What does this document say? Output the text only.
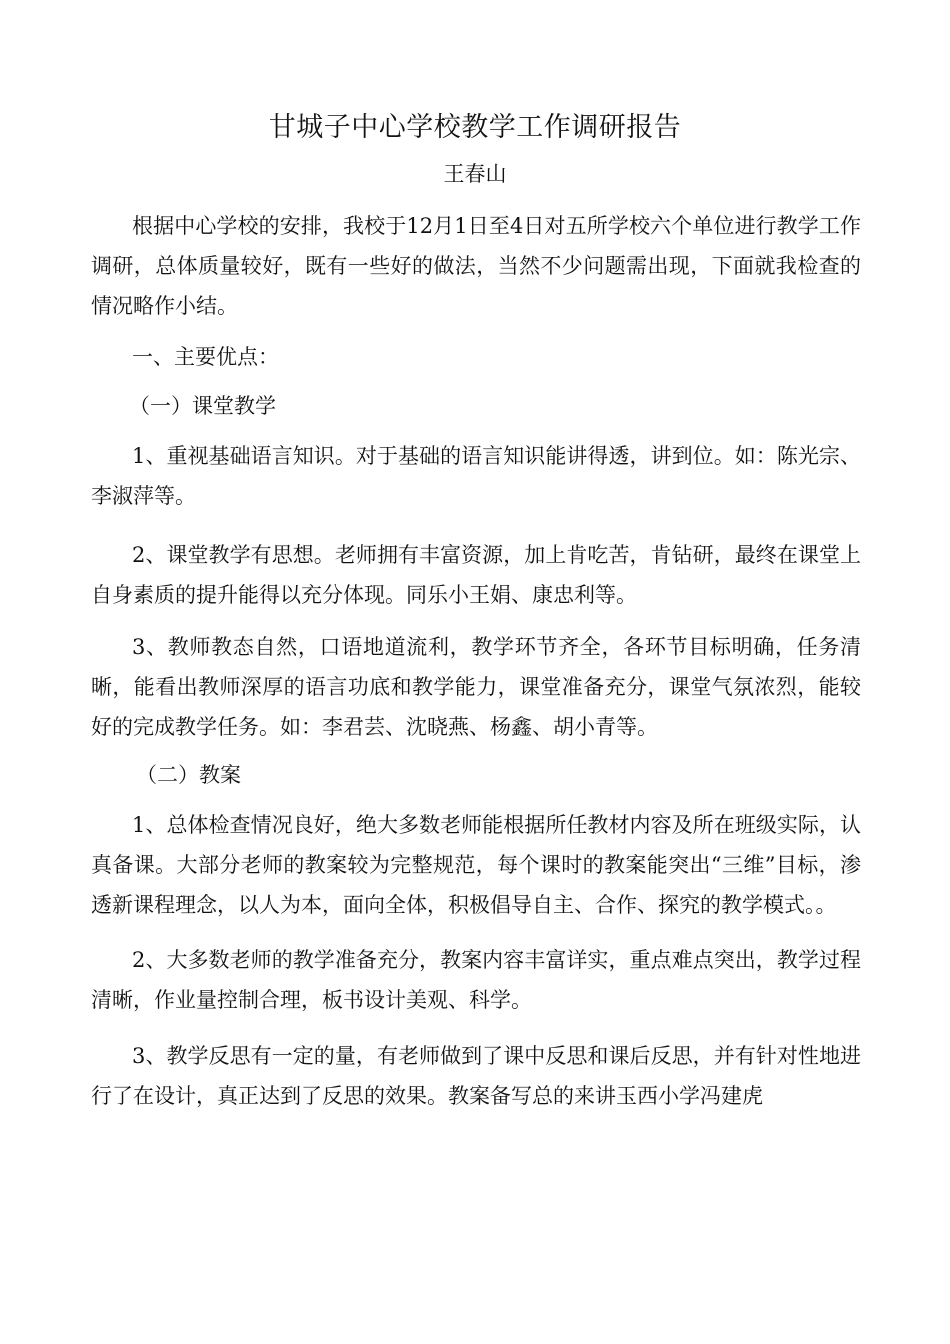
甘城子中心学校教学工作调研报告

王春山

根据中心学校的安排，我校于12月1日至4日对五所学校六个单位进行教学工作调研，总体质量较好，既有一些好的做法，当然不少问题需出现，下面就我检查的情况略作小结。

一、主要优点：

（一）课堂教学

1、重视基础语言知识。对于基础的语言知识能讲得透，讲到位。如：陈光宗、李淑萍等。

2、课堂教学有思想。老师拥有丰富资源，加上肯吃苦，肯钻研，最终在课堂上自身素质的提升能得以充分体现。同乐小王娟、康忠利等。

3、教师教态自然，口语地道流利，教学环节齐全，各环节目标明确，任务清晰，能看出教师深厚的语言功底和教学能力，课堂准备充分，课堂气氛浓烈，能较好的完成教学任务。如：李君芸、沈晓燕、杨鑫、胡小青等。

（二）教案

1、总体检查情况良好，绝大多数老师能根据所任教材内容及所在班级实际，认真备课。大部分老师的教案较为完整规范，每个课时的教案能突出“三维”目标，渗透新课程理念，以人为本，面向全体，积极倡导自主、合作、探究的教学模式。。

2、大多数老师的教学准备充分，教案内容丰富详实，重点难点突出，教学过程清晰，作业量控制合理，板书设计美观、科学。

3、教学反思有一定的量，有老师做到了课中反思和课后反思，并有针对性地进行了在设计，真正达到了反思的效果。教案备写总的来讲玉西小学冯建虎
